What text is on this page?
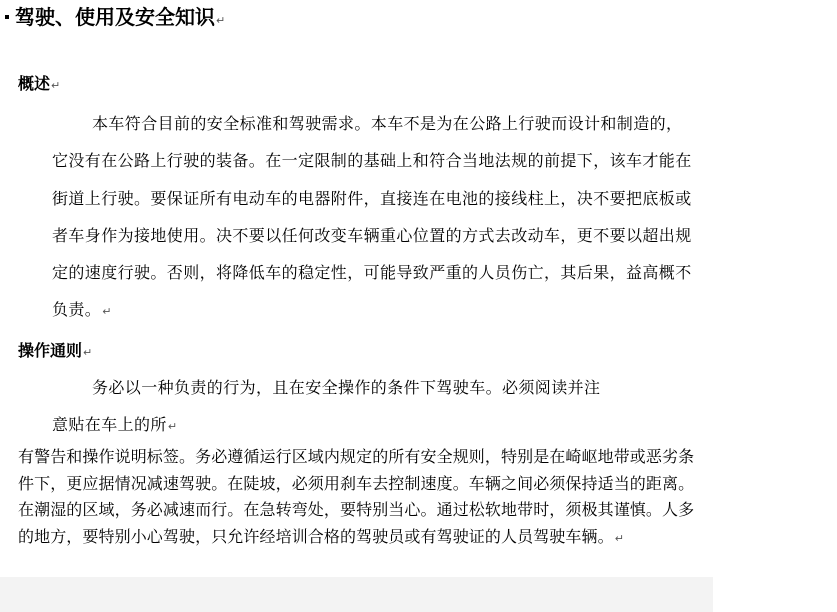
驾驶、使用及安全知识↵
概述↵

本车符合目前的安全标准和驾驶需求。本车不是为在公路上行驶而设计和制造的，它没有在公路上行驶的装备。在一定限制的基础上和符合当地法规的前提下，该车才能在街道上行驶。要保证所有电动车的电器附件，直接连在电池的接线柱上，决不要把底板或者车身作为接地使用。决不要以任何改变车辆重心位置的方式去改动车，更不要以超出规定的速度行驶。否则，将降低车的稳定性，可能导致严重的人员伤亡，其后果，益高概不负责。↵

操作通则↵

务必以一种负责的行为，且在安全操作的条件下驾驶车。必须阅读并注

意贴在车上的所↵

有警告和操作说明标签。务必遵循运行区域内规定的所有安全规则，特别是在崎岖地带或恶劣条件下，更应据情况减速驾驶。在陡坡，必须用刹车去控制速度。车辆之间必须保持适当的距离。在潮湿的区域，务必减速而行。在急转弯处，要特别当心。通过松软地带时，须极其谨慎。人多的地方，要特别小心驾驶，只允许经培训合格的驾驶员或有驾驶证的人员驾驶车辆。↵
